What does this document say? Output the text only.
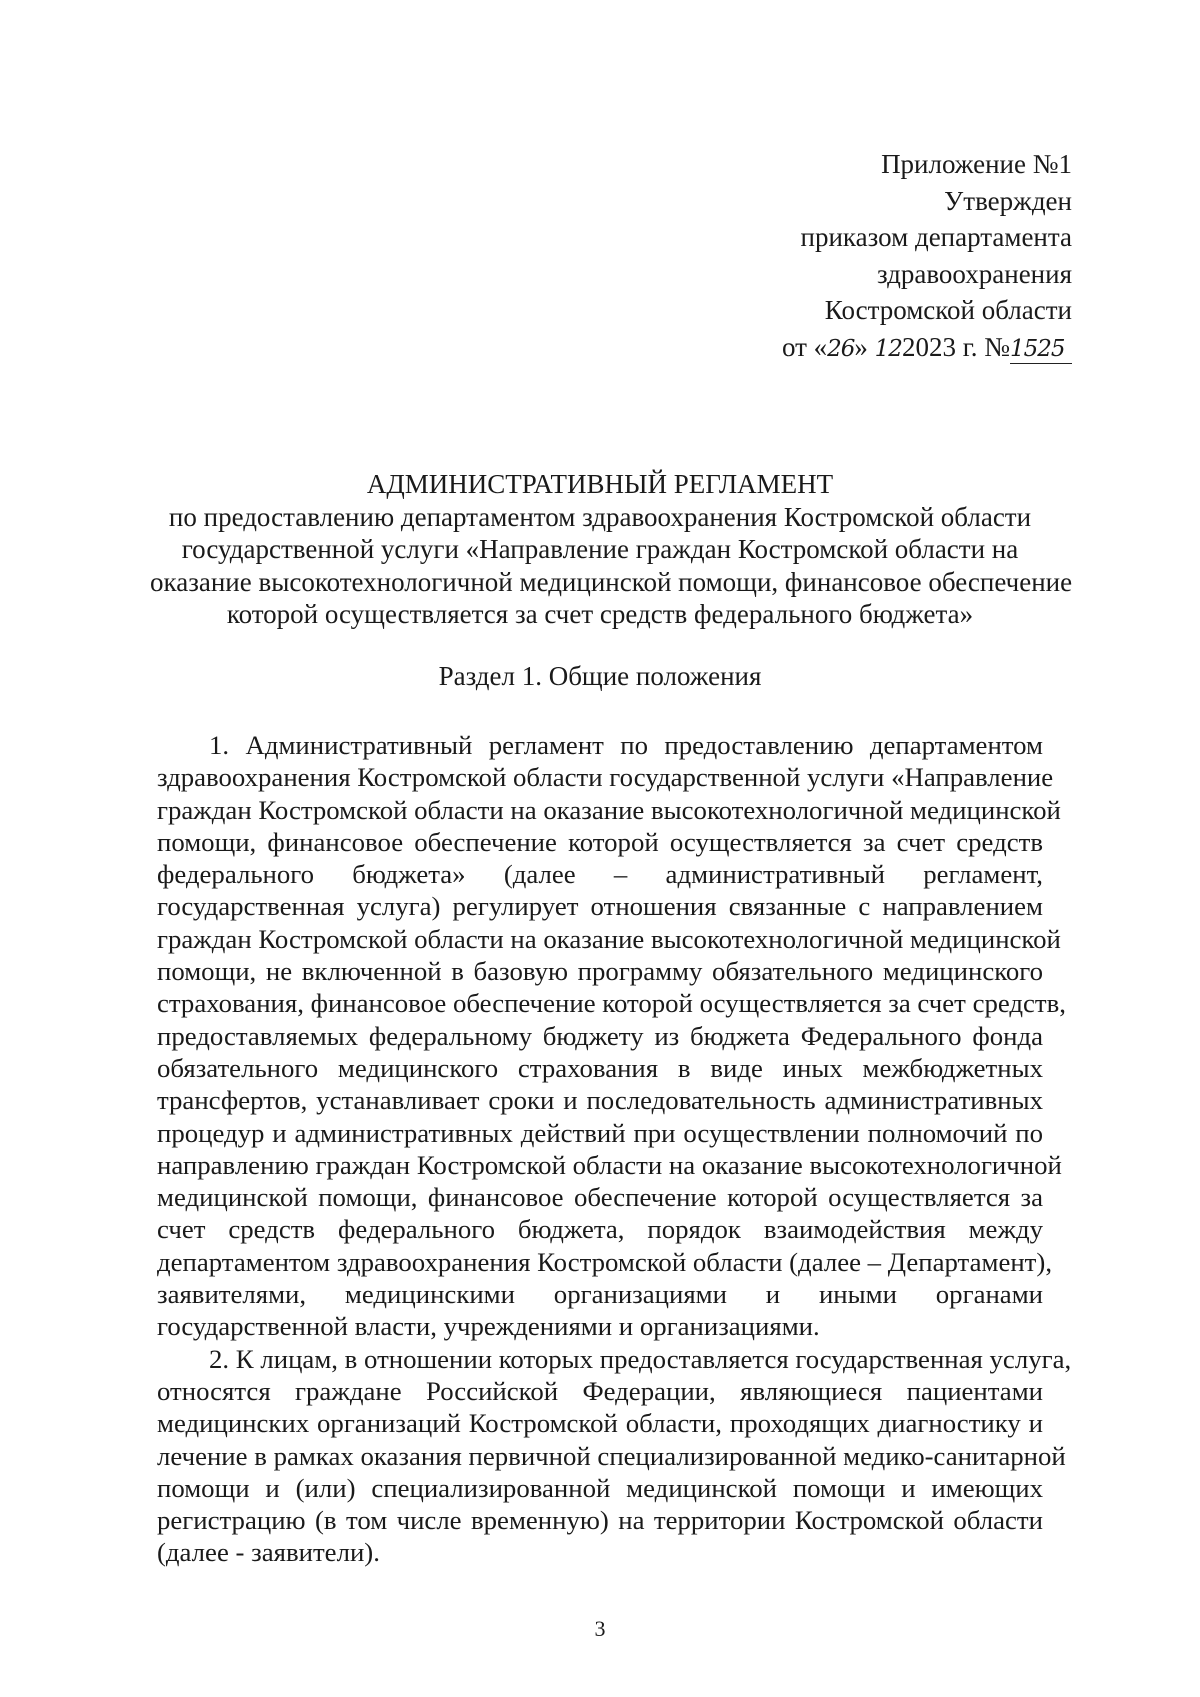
Приложение №1
Утвержден
приказом департамента
здравоохранения
Костромской области
от «26» 122023 г. №1525
АДМИНИСТРАТИВНЫЙ РЕГЛАМЕНТ
по предоставлению департаментом здравоохранения Костромской области
государственной услуги «Направление граждан Костромской области на
оказание высокотехнологичной медицинской помощи, финансовое обеспечение
которой осуществляется за счет средств федерального бюджета»
Раздел 1. Общие положения
1. Административный регламент по предоставлению департаментом
здравоохранения Костромской области государственной услуги «Направление
граждан Костромской области на оказание высокотехнологичной медицинской
помощи, финансовое обеспечение которой осуществляется за счет средств
федерального бюджета» (далее – административный регламент,
государственная услуга) регулирует отношения связанные с направлением
граждан Костромской области на оказание высокотехнологичной медицинской
помощи, не включенной в базовую программу обязательного медицинского
страхования, финансовое обеспечение которой осуществляется за счет средств,
предоставляемых федеральному бюджету из бюджета Федерального фонда
обязательного медицинского страхования в виде иных межбюджетных
трансфертов, устанавливает сроки и последовательность административных
процедур и административных действий при осуществлении полномочий по
направлению граждан Костромской области на оказание высокотехнологичной
медицинской помощи, финансовое обеспечение которой осуществляется за
счет средств федерального бюджета, порядок взаимодействия между
департаментом здравоохранения Костромской области (далее – Департамент),
заявителями, медицинскими организациями и иными органами
государственной власти, учреждениями и организациями.
2. К лицам, в отношении которых предоставляется государственная услуга,
относятся граждане Российской Федерации, являющиеся пациентами
медицинских организаций Костромской области, проходящих диагностику и
лечение в рамках оказания первичной специализированной медико-санитарной
помощи и (или) специализированной медицинской помощи и имеющих
регистрацию (в том числе временную) на территории Костромской области
(далее - заявители).
3
